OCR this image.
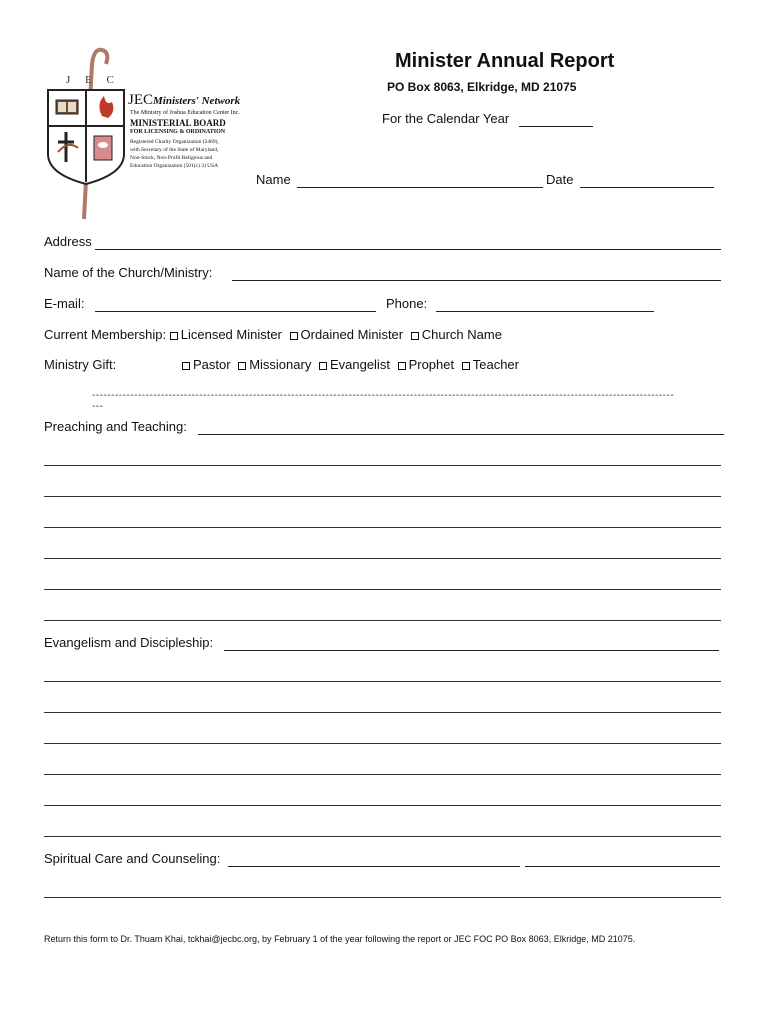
J E C
JECMinisters' Network
The Ministry of Joshua Education Center Inc.
MINISTERIAL BOARD
FOR LICENSING & ORDINATION
Registered Charity Organization (2469),
with Secretary of the State of Maryland,
Non-Stock, Non-Profit Religious and
Education Organization (501(c) 3) USA
Minister Annual Report
PO Box 8063, Elkridge, MD 21075
For the Calendar Year
Name	Date
Address
Name of the Church/Ministry:
E-mail:	Phone:
Current Membership: Licensed Minister Ordained Minister Church Name
Ministry Gift:	Pastor Missionary Evangelist Prophet Teacher
-----------------------------------------------------------------------------------------------------------------------------------------------------------
Preaching and Teaching:
Evangelism and Discipleship:
Spiritual Care and Counseling:
Return this form to Dr. Thuam Khai, tckhai@jecbc.org, by February 1 of the year following the report or JEC FOC PO Box 8063, Elkridge, MD 21075.
